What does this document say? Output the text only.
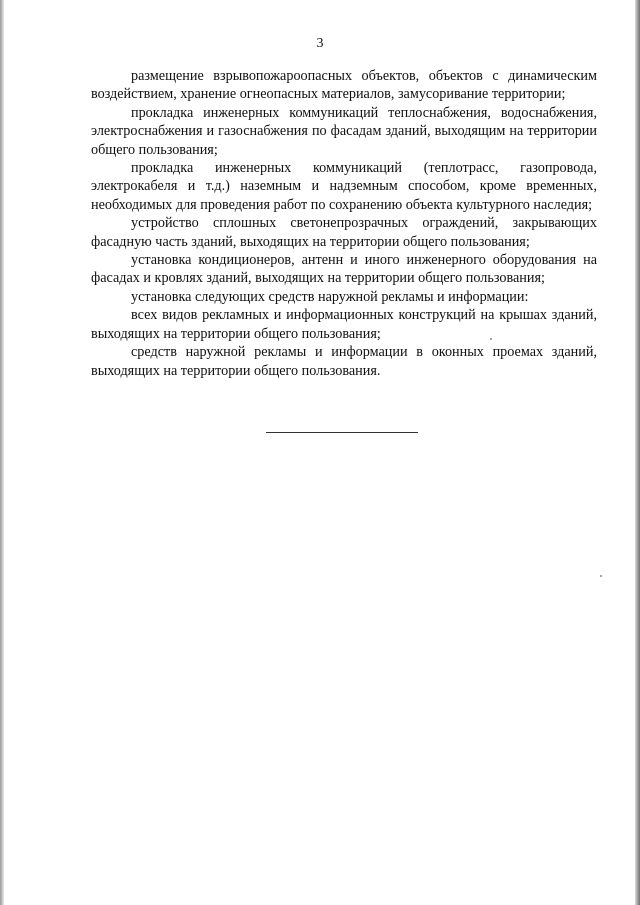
3

размещение взрывопожароопасных объектов, объектов с динамическим воздействием, хранение огнеопасных материалов, замусоривание территории;

прокладка инженерных коммуникаций теплоснабжения, водоснабжения, электроснабжения и газоснабжения по фасадам зданий, выходящим на территории общего пользования;

прокладка инженерных коммуникаций (теплотрасс, газопровода, электрокабеля и т.д.) наземным и надземным способом, кроме временных, необходимых для проведения работ по сохранению объекта культурного наследия;

устройство сплошных светонепрозрачных ограждений, закрывающих фасадную часть зданий, выходящих на территории общего пользования;

установка кондиционеров, антенн и иного инженерного оборудования на фасадах и кровлях зданий, выходящих на территории общего пользования;

установка следующих средств наружной рекламы и информации:

всех видов рекламных и информационных конструкций на крышах зданий, выходящих на территории общего пользования;

средств наружной рекламы и информации в оконных проемах зданий, выходящих на территории общего пользования.
